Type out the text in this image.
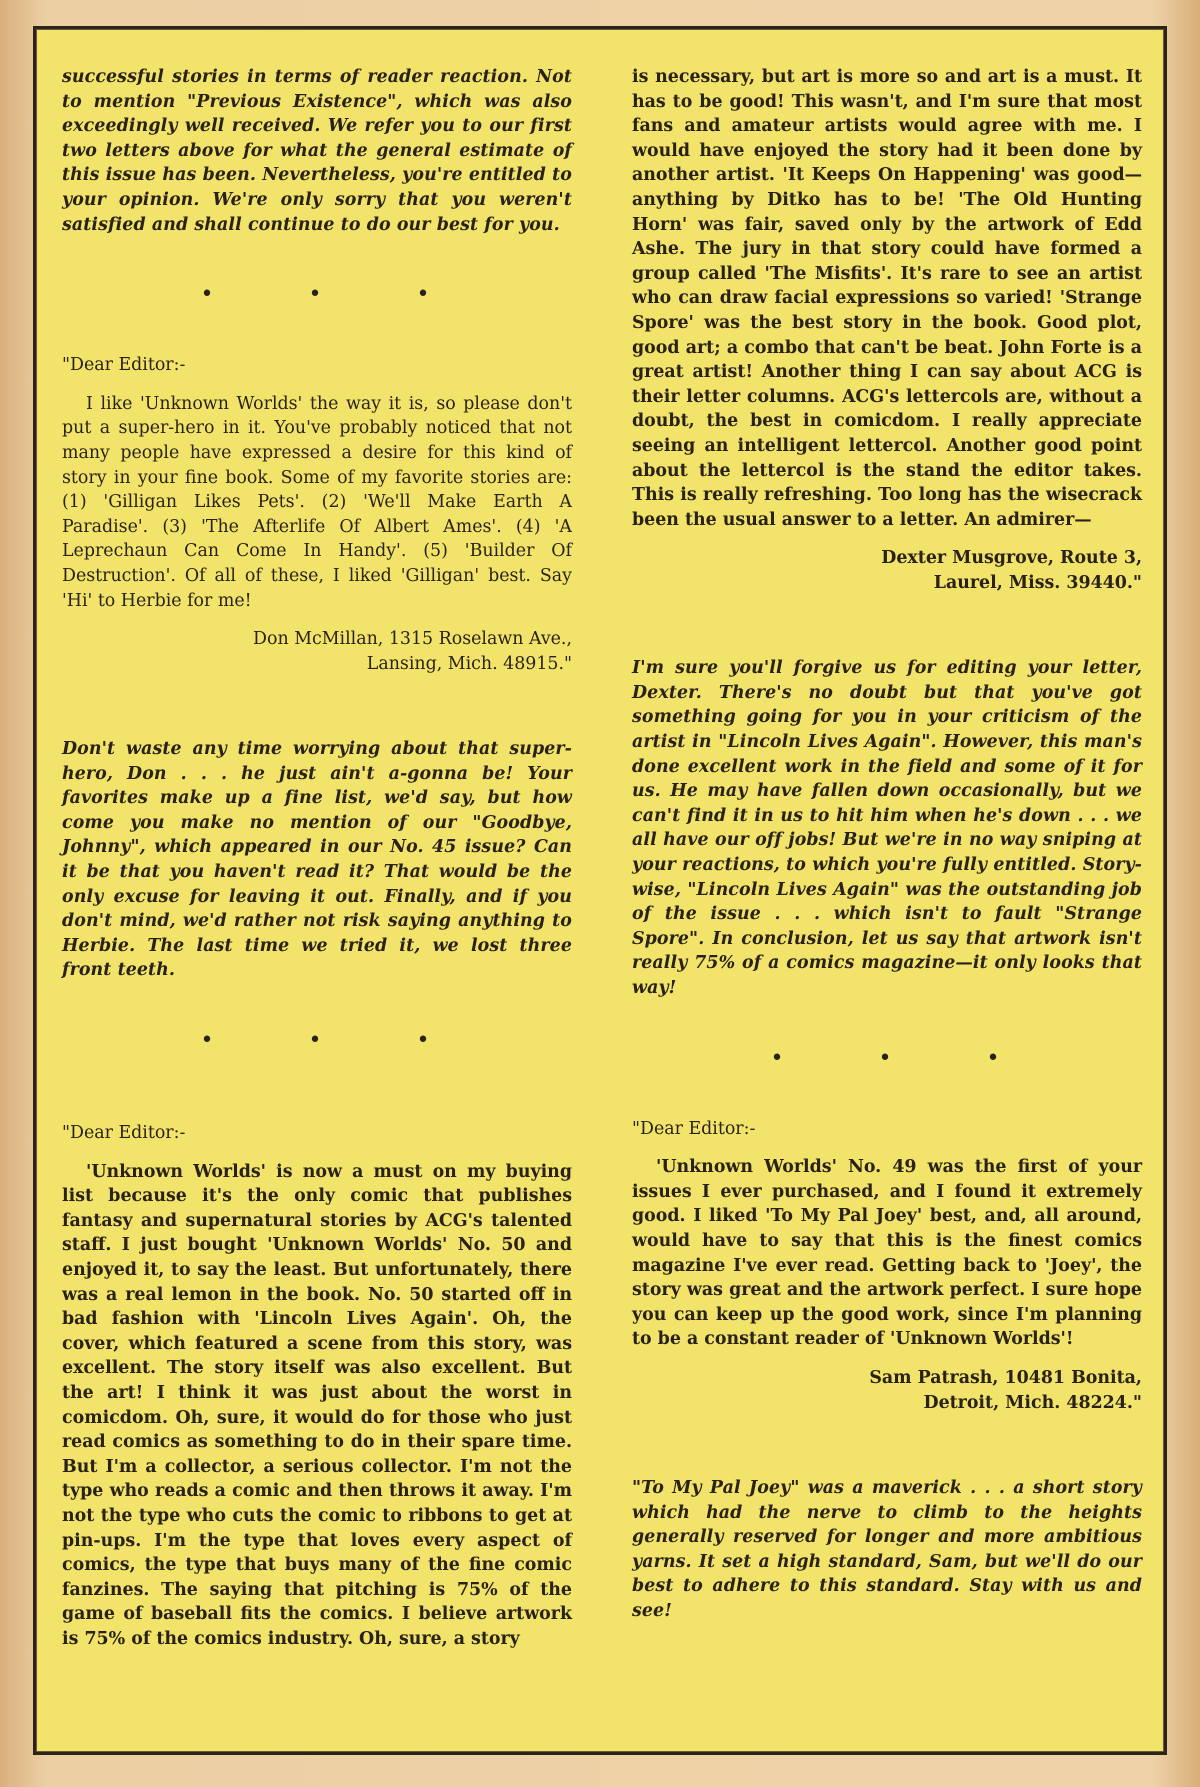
successful stories in terms of reader reaction. Not to mention "Previous Existence", which was also exceedingly well received. We refer you to our first two letters above for what the general estimate of this issue has been. Nevertheless, you're entitled to your opinion. We're only sorry that you weren't satisfied and shall continue to do our best for you.

• • •

"Dear Editor:-

I like 'Unknown Worlds' the way it is, so please don't put a super-hero in it. You've probably noticed that not many people have expressed a desire for this kind of story in your fine book. Some of my favorite stories are: (1) 'Gilligan Likes Pets'. (2) 'We'll Make Earth A Paradise'. (3) 'The Afterlife Of Albert Ames'. (4) 'A Leprechaun Can Come In Handy'. (5) 'Builder Of Destruction'. Of all of these, I liked 'Gilligan' best. Say 'Hi' to Herbie for me!

Don McMillan, 1315 Roselawn Ave.,
Lansing, Mich. 48915."

Don't waste any time worrying about that super-hero, Don . . . he just ain't a-gonna be! Your favorites make up a fine list, we'd say, but how come you make no mention of our "Goodbye, Johnny", which appeared in our No. 45 issue? Can it be that you haven't read it? That would be the only excuse for leaving it out. Finally, and if you don't mind, we'd rather not risk saying anything to Herbie. The last time we tried it, we lost three front teeth.

• • •

"Dear Editor:-

'Unknown Worlds' is now a must on my buying list because it's the only comic that publishes fantasy and supernatural stories by ACG's talented staff. I just bought 'Unknown Worlds' No. 50 and enjoyed it, to say the least. But unfortunately, there was a real lemon in the book. No. 50 started off in bad fashion with 'Lincoln Lives Again'. Oh, the cover, which featured a scene from this story, was excellent. The story itself was also excellent. But the art! I think it was just about the worst in comicdom. Oh, sure, it would do for those who just read comics as something to do in their spare time. But I'm a collector, a serious collector. I'm not the type who reads a comic and then throws it away. I'm not the type who cuts the comic to ribbons to get at pin-ups. I'm the type that loves every aspect of comics, the type that buys many of the fine comic fanzines. The saying that pitching is 75% of the game of baseball fits the comics. I believe artwork is 75% of the comics industry. Oh, sure, a story

is necessary, but art is more so and art is a must. It has to be good! This wasn't, and I'm sure that most fans and amateur artists would agree with me. I would have enjoyed the story had it been done by another artist. 'It Keeps On Happening' was good—anything by Ditko has to be! 'The Old Hunting Horn' was fair, saved only by the artwork of Edd Ashe. The jury in that story could have formed a group called 'The Misfits'. It's rare to see an artist who can draw facial expressions so varied! 'Strange Spore' was the best story in the book. Good plot, good art; a combo that can't be beat. John Forte is a great artist! Another thing I can say about ACG is their letter columns. ACG's lettercols are, without a doubt, the best in comicdom. I really appreciate seeing an intelligent lettercol. Another good point about the lettercol is the stand the editor takes. This is really refreshing. Too long has the wisecrack been the usual answer to a letter. An admirer—

Dexter Musgrove, Route 3,
Laurel, Miss. 39440."

I'm sure you'll forgive us for editing your letter, Dexter. There's no doubt but that you've got something going for you in your criticism of the artist in "Lincoln Lives Again". However, this man's done excellent work in the field and some of it for us. He may have fallen down occasionally, but we can't find it in us to hit him when he's down . . . we all have our off jobs! But we're in no way sniping at your reactions, to which you're fully entitled. Story-wise, "Lincoln Lives Again" was the outstanding job of the issue . . . which isn't to fault "Strange Spore". In conclusion, let us say that artwork isn't really 75% of a comics magazine—it only looks that way!

• • •

"Dear Editor:-

'Unknown Worlds' No. 49 was the first of your issues I ever purchased, and I found it extremely good. I liked 'To My Pal Joey' best, and, all around, would have to say that this is the finest comics magazine I've ever read. Getting back to 'Joey', the story was great and the artwork perfect. I sure hope you can keep up the good work, since I'm planning to be a constant reader of 'Unknown Worlds'!

Sam Patrash, 10481 Bonita,
Detroit, Mich. 48224."

"To My Pal Joey" was a maverick . . . a short story which had the nerve to climb to the heights generally reserved for longer and more ambitious yarns. It set a high standard, Sam, but we'll do our best to adhere to this standard. Stay with us and see!
